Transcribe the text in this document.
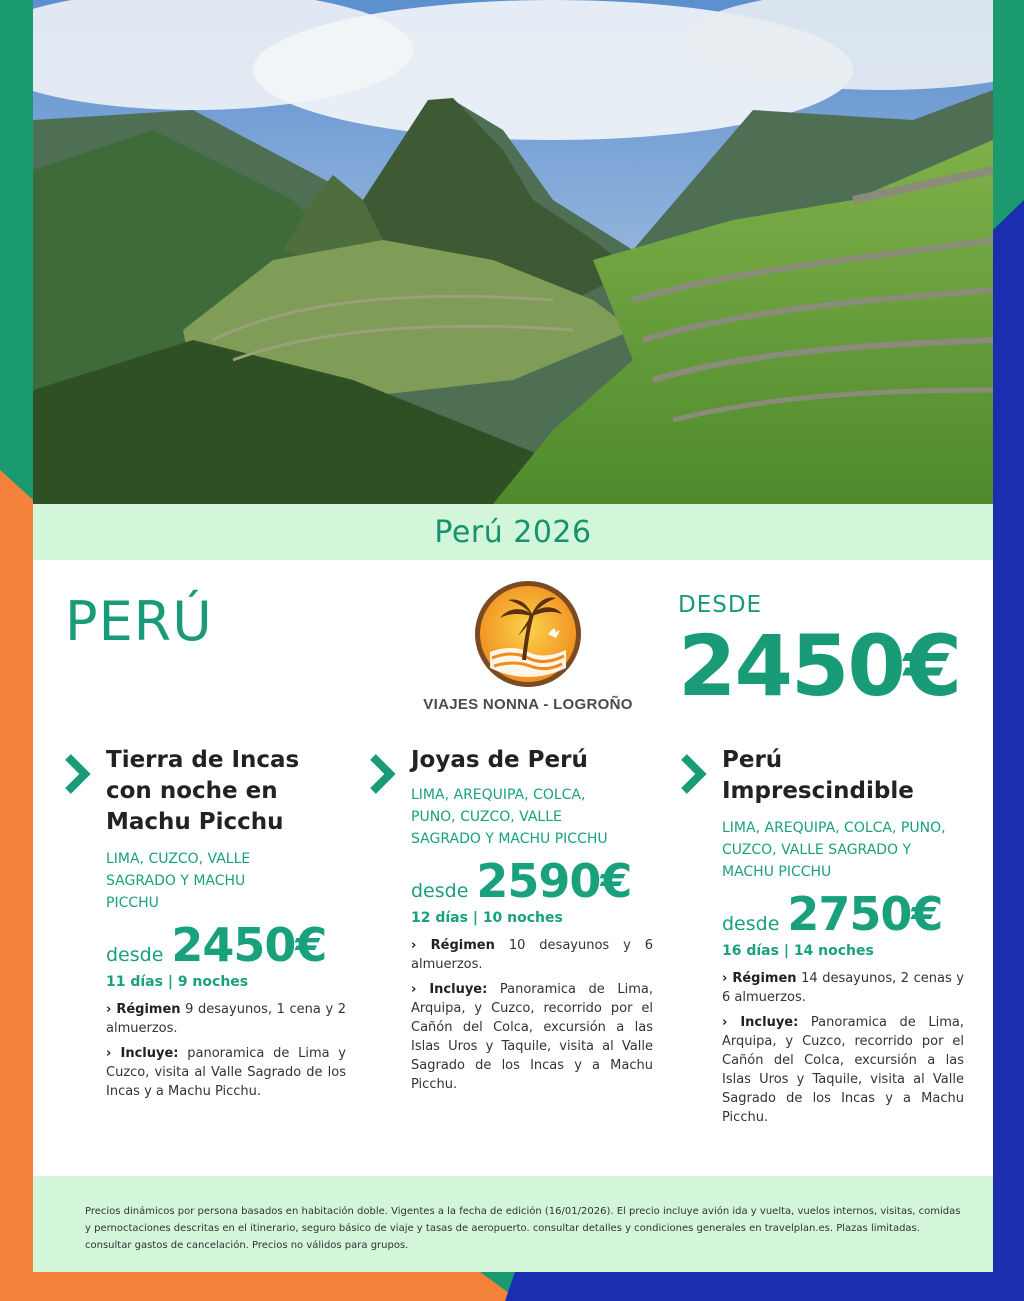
Perú 2026
PERÚ
VIAJES NONNA - LOGROÑO
DESDE
2450€
Tierra de Incas
con noche en
Machu Picchu
LIMA, CUZCO, VALLE SAGRADO Y MACHU PICCHU
desde 2450€
11 días | 9 noches
› Régimen 9 desayunos, 1 cena y 2 almuerzos.
› Incluye: panoramica de Lima y Cuzco, visita al Valle Sagrado de los Incas y a Machu Picchu.
Joyas de Perú
LIMA, AREQUIPA, COLCA, PUNO, CUZCO, VALLE SAGRADO Y MACHU PICCHU
desde 2590€
12 días | 10 noches
› Régimen 10 desayunos y 6 almuerzos.
› Incluye: Panoramica de Lima, Arquipa, y Cuzco, recorrido por el Cañón del Colca, excursión a las Islas Uros y Taquile, visita al Valle Sagrado de los Incas y a Machu Picchu.
Perú
Imprescindible
LIMA, AREQUIPA, COLCA, PUNO, CUZCO, VALLE SAGRADO Y MACHU PICCHU
desde 2750€
16 días | 14 noches
› Régimen 14 desayunos, 2 cenas y 6 almuerzos.
› Incluye: Panoramica de Lima, Arquipa, y Cuzco, recorrido por el Cañón del Colca, excursión a las Islas Uros y Taquile, visita al Valle Sagrado de los Incas y a Machu Picchu.

Precios dinámicos por persona basados en habitación doble. Vigentes a la fecha de edición (16/01/2026). El precio incluye avión ida y vuelta, vuelos internos, visitas, comidas y pernoctaciones descritas en el itinerario, seguro básico de viaje y tasas de aeropuerto. consultar detalles y condiciones generales en travelplan.es. Plazas limitadas. consultar gastos de cancelación. Precios no válidos para grupos.
